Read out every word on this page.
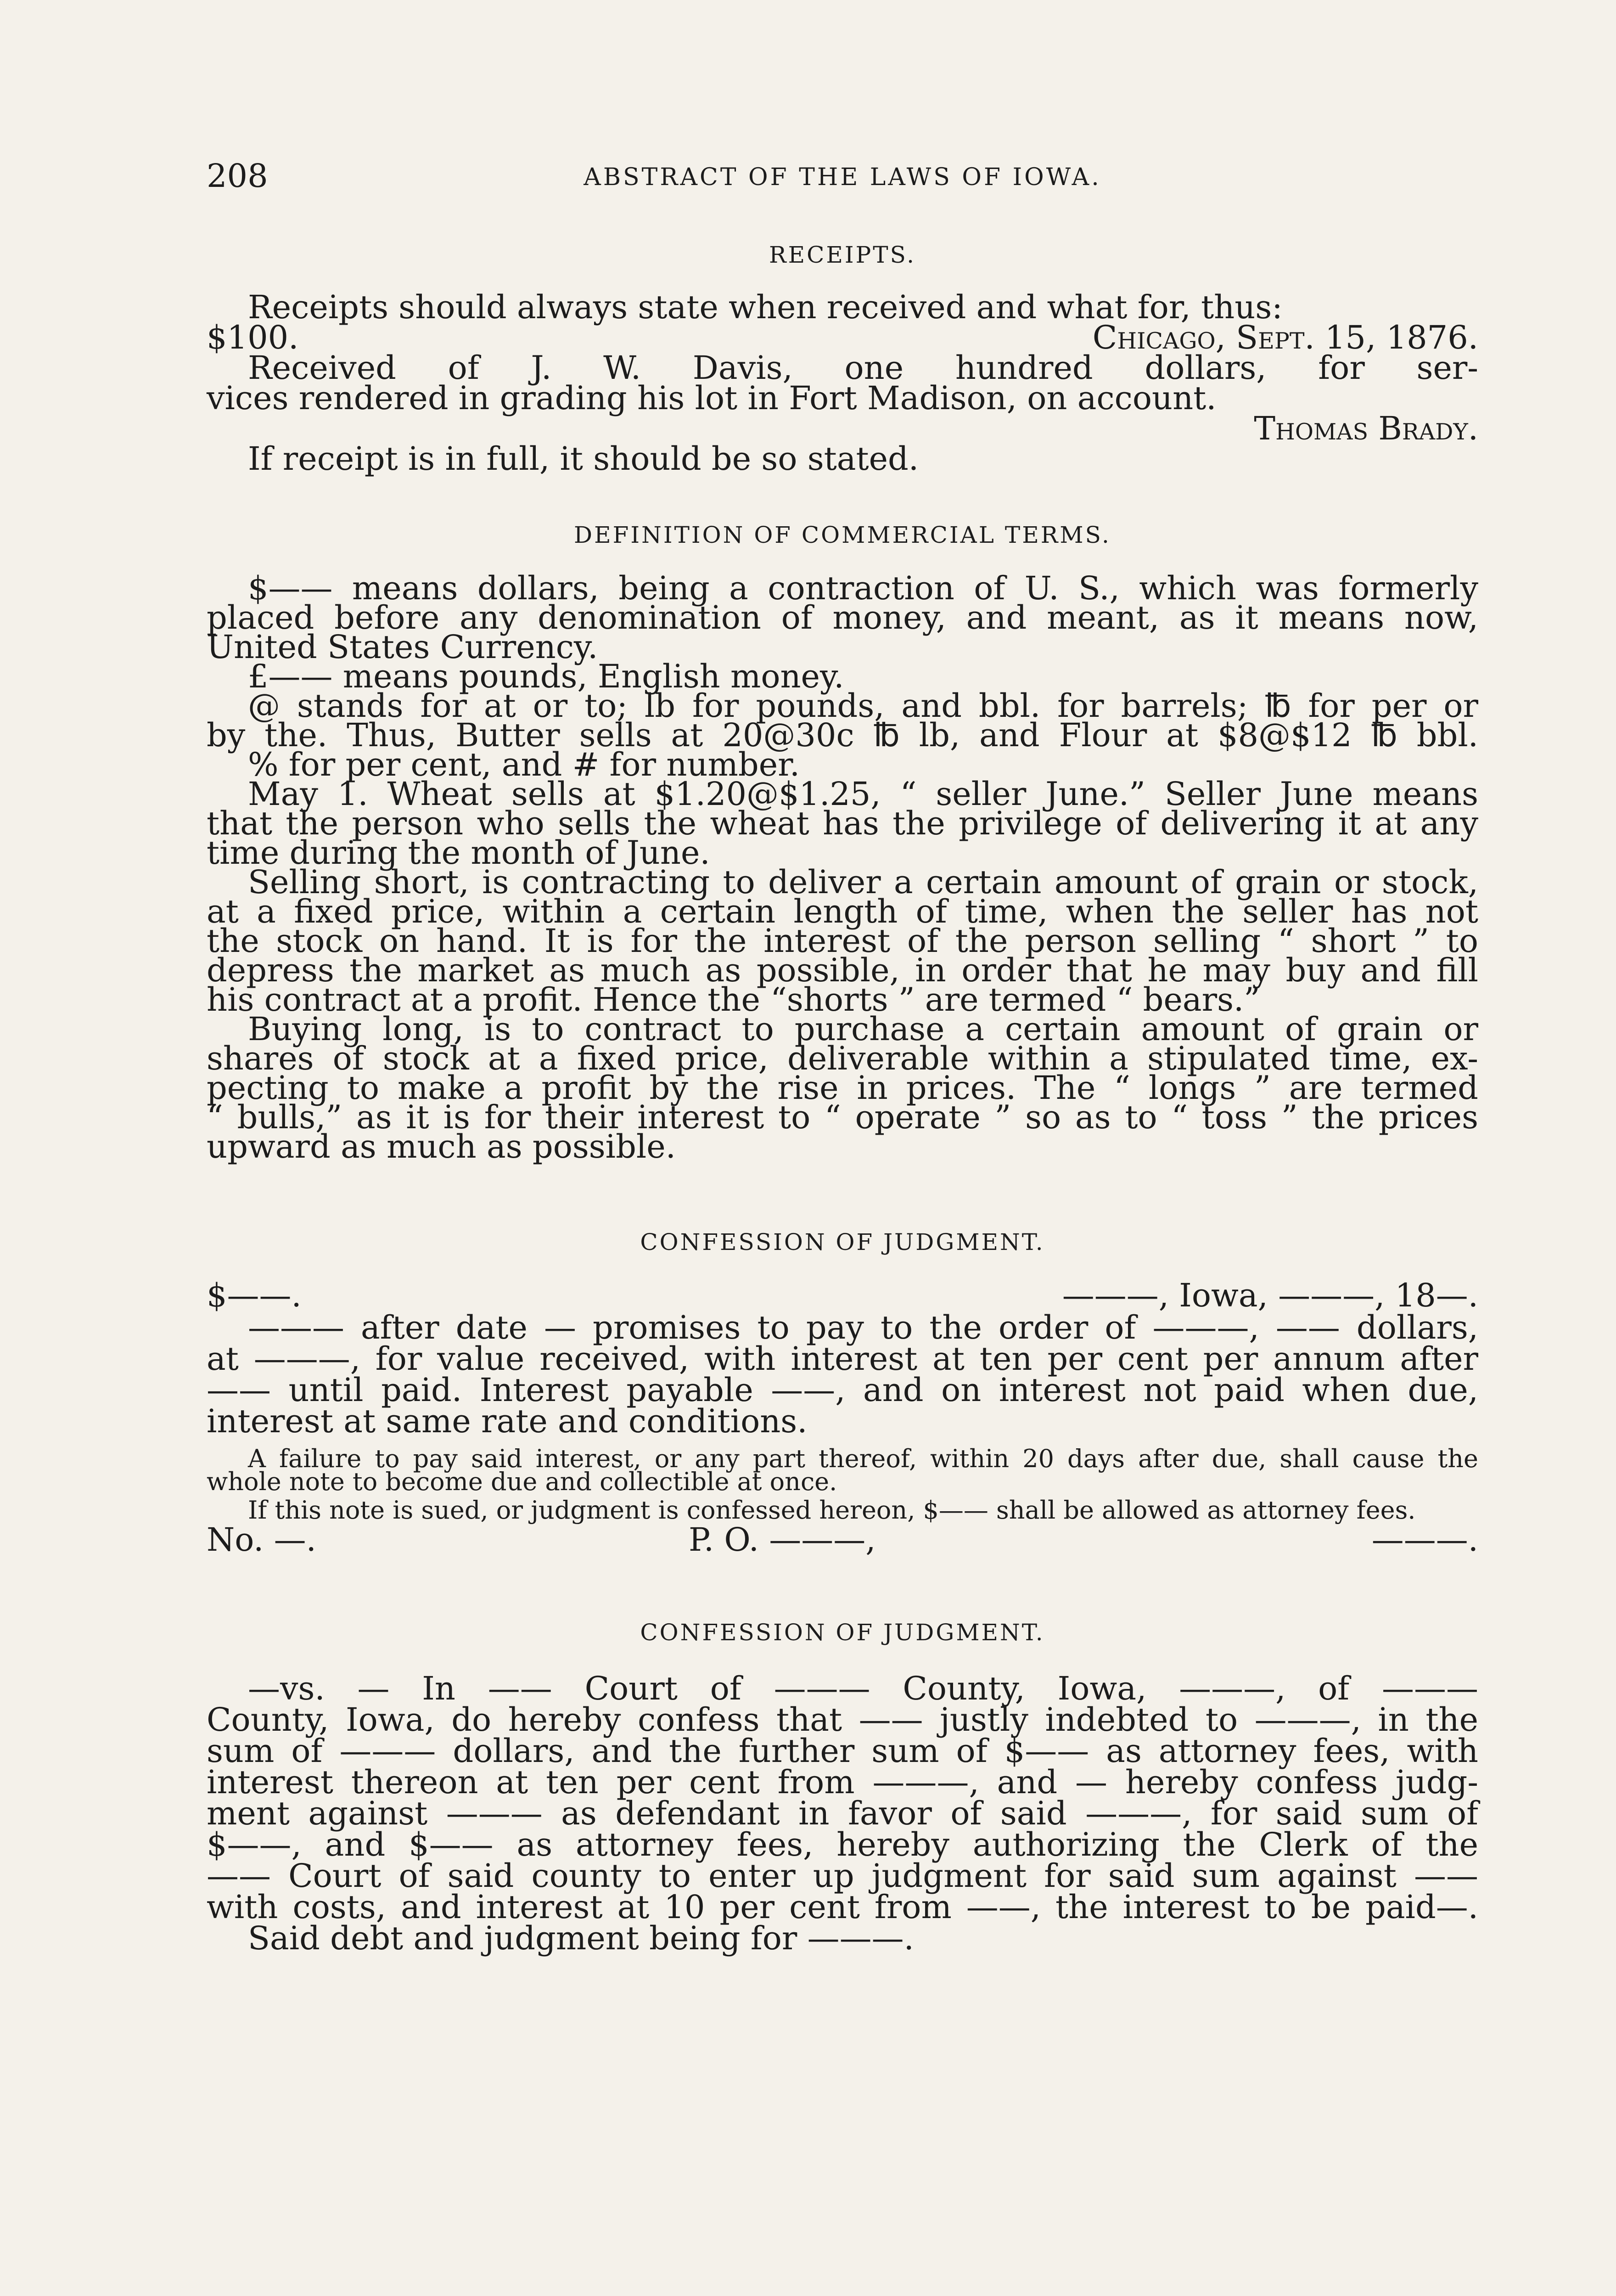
208	ABSTRACT OF THE LAWS OF IOWA.
RECEIPTS.
Receipts should always state when received and what for, thus:
$100.	Chicago, Sept. 15, 1876.
Received of J. W. Davis, one hundred dollars, for ser-
vices rendered in grading his lot in Fort Madison, on account.
Thomas Brady.
If receipt is in full, it should be so stated.
DEFINITION OF COMMERCIAL TERMS.
$—— means dollars, being a contraction of U. S., which was formerly
placed before any denomination of money, and meant, as it means now,
United States Currency.
£—— means pounds, English money.
@ stands for at or to; lb for pounds, and bbl. for barrels; ℔ for per or
by the. Thus, Butter sells at 20@30c ℔ lb, and Flour at $8@$12 ℔ bbl.
% for per cent, and # for number.
May 1. Wheat sells at $1.20@$1.25, “ seller June.” Seller June means
that the person who sells the wheat has the privilege of delivering it at any
time during the month of June.
Selling short, is contracting to deliver a certain amount of grain or stock,
at a fixed price, within a certain length of time, when the seller has not
the stock on hand. It is for the interest of the person selling “ short ” to
depress the market as much as possible, in order that he may buy and fill
his contract at a profit. Hence the “shorts ” are termed “ bears.”
Buying long, is to contract to purchase a certain amount of grain or
shares of stock at a fixed price, deliverable within a stipulated time, ex-
pecting to make a profit by the rise in prices. The “ longs ” are termed
“ bulls,” as it is for their interest to “ operate ” so as to “ toss ” the prices
upward as much as possible.
CONFESSION OF JUDGMENT.
$——.	———, Iowa, ———, 18—.
——— after date — promises to pay to the order of ———, —— dollars,
at ———, for value received, with interest at ten per cent per annum after
—— until paid. Interest payable ——, and on interest not paid when due,
interest at same rate and conditions.
A failure to pay said interest, or any part thereof, within 20 days after due, shall cause the
whole note to become due and collectible at once.
If this note is sued, or judgment is confessed hereon, $—— shall be allowed as attorney fees.
No. —.	P. O. ———,	———.
CONFESSION OF JUDGMENT.
—vs. — In —— Court of ——— County, Iowa, ———, of ———
County, Iowa, do hereby confess that —— justly indebted to ———, in the
sum of ——— dollars, and the further sum of $—— as attorney fees, with
interest thereon at ten per cent from ———, and — hereby confess judg-
ment against ——— as defendant in favor of said ———, for said sum of
$——, and $—— as attorney fees, hereby authorizing the Clerk of the
—— Court of said county to enter up judgment for said sum against ——
with costs, and interest at 10 per cent from ——, the interest to be paid—.
Said debt and judgment being for ———.
